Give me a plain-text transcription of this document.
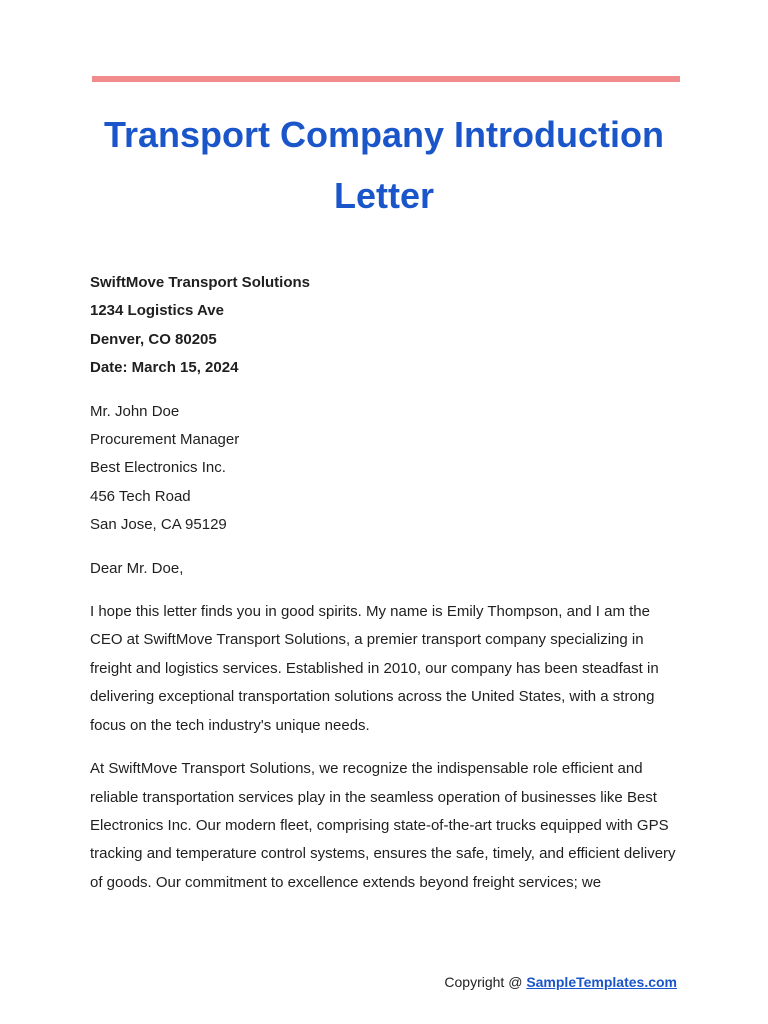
Transport Company Introduction Letter
SwiftMove Transport Solutions
1234 Logistics Ave
Denver, CO 80205
Date: March 15, 2024
Mr. John Doe
Procurement Manager
Best Electronics Inc.
456 Tech Road
San Jose, CA 95129

Dear Mr. Doe,

I hope this letter finds you in good spirits. My name is Emily Thompson, and I am the CEO at SwiftMove Transport Solutions, a premier transport company specializing in freight and logistics services. Established in 2010, our company has been steadfast in delivering exceptional transportation solutions across the United States, with a strong focus on the tech industry's unique needs.

At SwiftMove Transport Solutions, we recognize the indispensable role efficient and reliable transportation services play in the seamless operation of businesses like Best Electronics Inc. Our modern fleet, comprising state-of-the-art trucks equipped with GPS tracking and temperature control systems, ensures the safe, timely, and efficient delivery of goods. Our commitment to excellence extends beyond freight services; we

Copyright @ SampleTemplates.com
